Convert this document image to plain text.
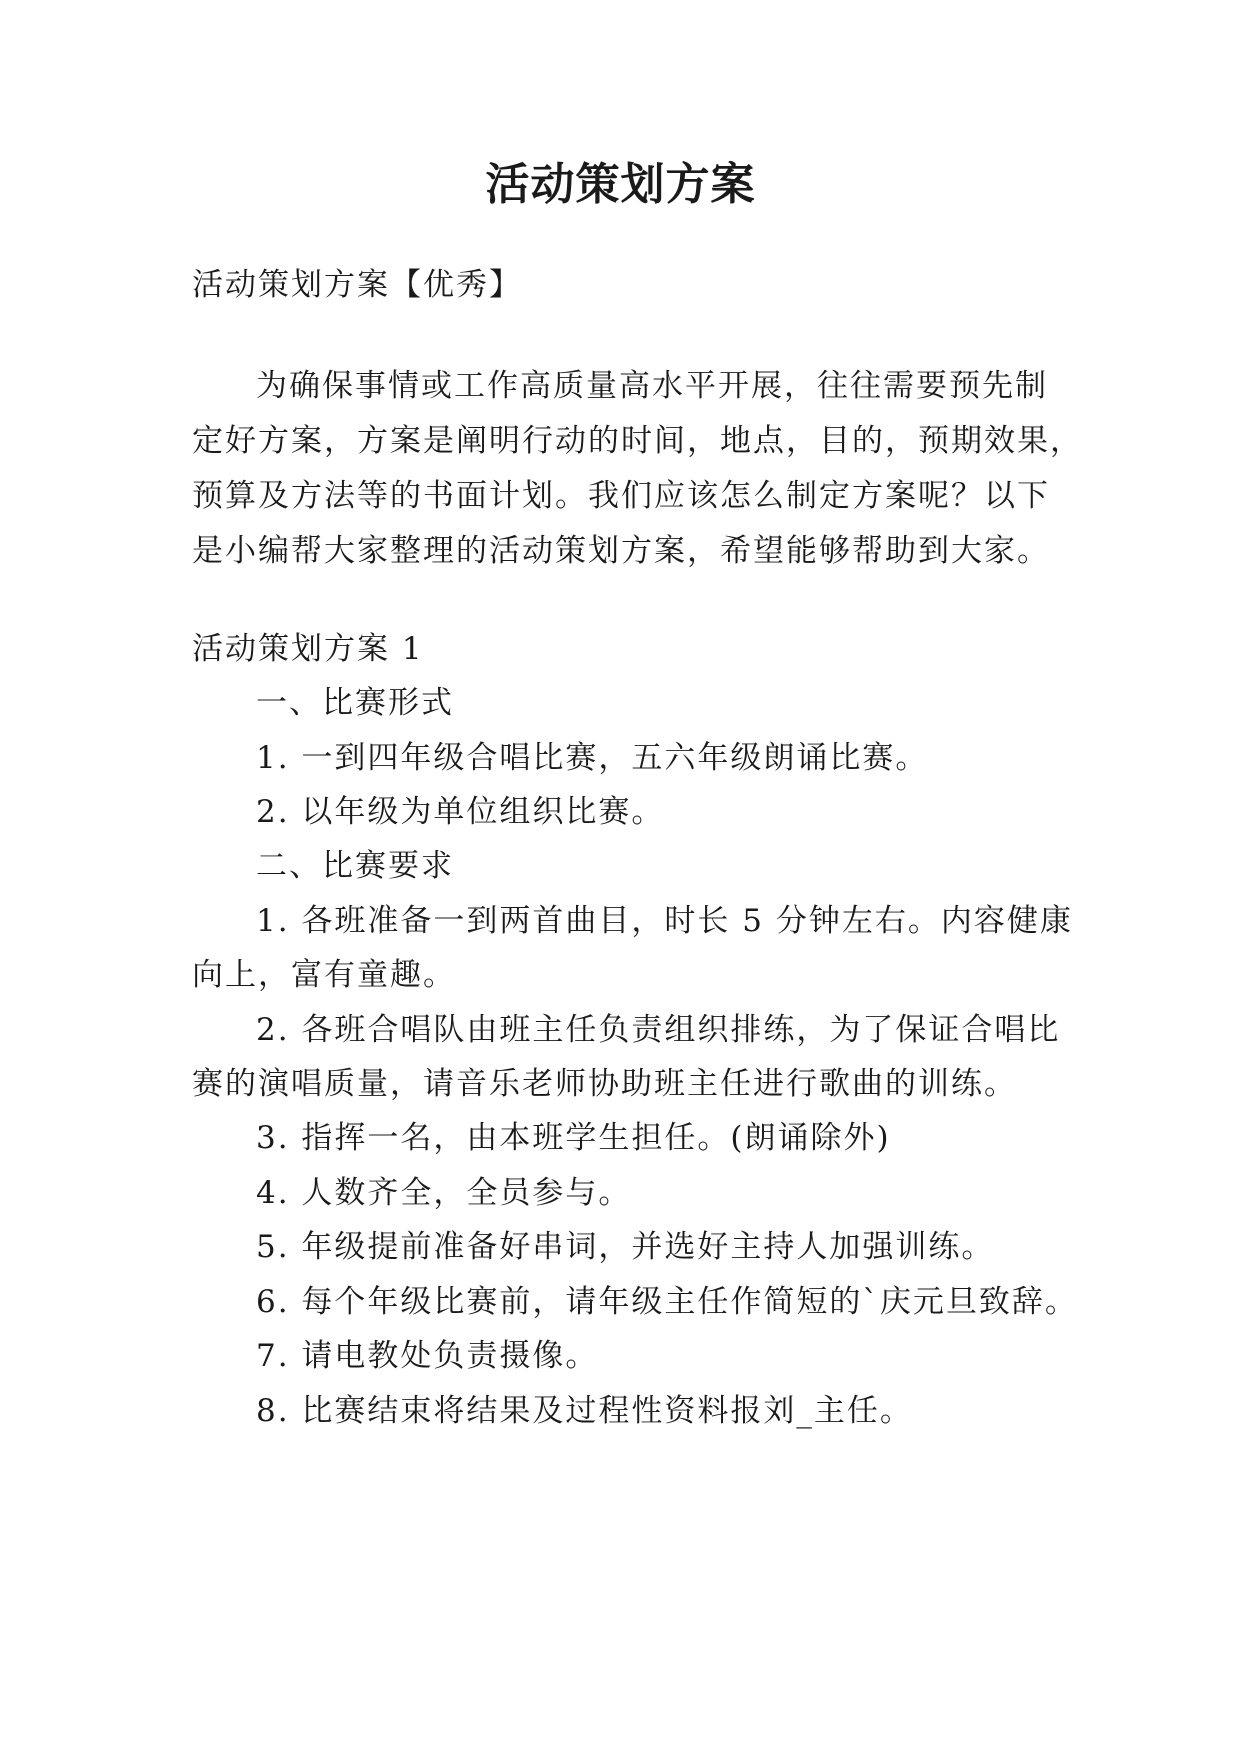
活动策划方案
活动策划方案【优秀】
为确保事情或工作高质量高水平开展，往往需要预先制
定好方案，方案是阐明行动的时间，地点，目的，预期效果，
预算及方法等的书面计划。我们应该怎么制定方案呢？以下
是小编帮大家整理的活动策划方案，希望能够帮助到大家。
活动策划方案 1
一、比赛形式
1. 一到四年级合唱比赛，五六年级朗诵比赛。
2. 以年级为单位组织比赛。
二、比赛要求
1. 各班准备一到两首曲目，时长 5 分钟左右。内容健康
向上，富有童趣。
2. 各班合唱队由班主任负责组织排练，为了保证合唱比
赛的演唱质量，请音乐老师协助班主任进行歌曲的训练。
3. 指挥一名，由本班学生担任。(朗诵除外)
4. 人数齐全，全员参与。
5. 年级提前准备好串词，并选好主持人加强训练。
6. 每个年级比赛前，请年级主任作简短的`庆元旦致辞。
7. 请电教处负责摄像。
8. 比赛结束将结果及过程性资料报刘_主任。
